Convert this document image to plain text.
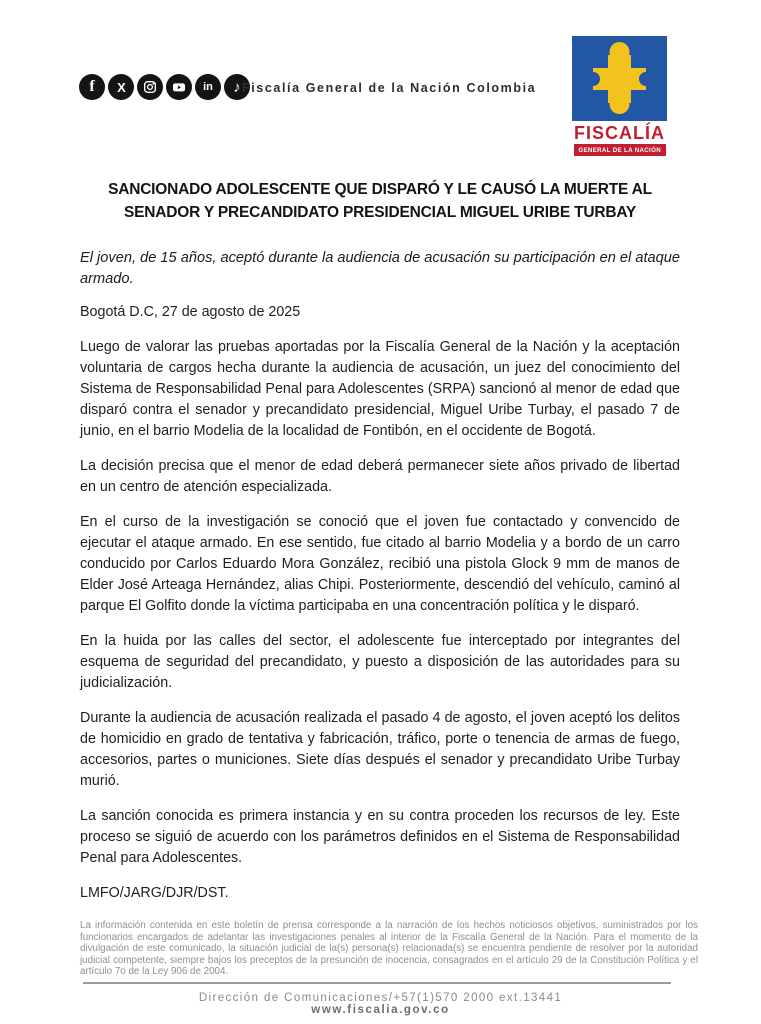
f X	in ♪ Fiscalía General de la Nación Colombia
FISCALÍA
GENERAL DE LA NACIÓN
SANCIONADO ADOLESCENTE QUE DISPARÓ Y LE CAUSÓ LA MUERTE AL SENADOR Y PRECANDIDATO PRESIDENCIAL MIGUEL URIBE TURBAY

El joven, de 15 años, aceptó durante la audiencia de acusación su participación en el ataque armado.

Bogotá D.C, 27 de agosto de 2025

Luego de valorar las pruebas aportadas por la Fiscalía General de la Nación y la aceptación voluntaria de cargos hecha durante la audiencia de acusación, un juez del conocimiento del Sistema de Responsabilidad Penal para Adolescentes (SRPA) sancionó al menor de edad que disparó contra el senador y precandidato presidencial, Miguel Uribe Turbay, el pasado 7 de junio, en el barrio Modelia de la localidad de Fontibón, en el occidente de Bogotá.

La decisión precisa que el menor de edad deberá permanecer siete años privado de libertad en un centro de atención especializada.

En el curso de la investigación se conoció que el joven fue contactado y convencido de ejecutar el ataque armado. En ese sentido, fue citado al barrio Modelia y a bordo de un carro conducido por Carlos Eduardo Mora González, recibió una pistola Glock 9 mm de manos de Elder José Arteaga Hernández, alias Chipi. Posteriormente, descendió del vehículo, caminó al parque El Golfito donde la víctima participaba en una concentración política y le disparó.

En la huida por las calles del sector, el adolescente fue interceptado por integrantes del esquema de seguridad del precandidato, y puesto a disposición de las autoridades para su judicialización.

Durante la audiencia de acusación realizada el pasado 4 de agosto, el joven aceptó los delitos de homicidio en grado de tentativa y fabricación, tráfico, porte o tenencia de armas de fuego, accesorios, partes o municiones. Siete días después el senador y precandidato Uribe Turbay murió.

La sanción conocida es primera instancia y en su contra proceden los recursos de ley. Este proceso se siguió de acuerdo con los parámetros definidos en el Sistema de Responsabilidad Penal para Adolescentes.

LMFO/JARG/DJR/DST.

La información contenida en este boletín de prensa corresponde a la narración de los hechos noticiosos objetivos, suministrados por los funcionarios encargados de adelantar las investigaciones penales al interior de la Fiscalía General de la Nación. Para el momento de la divulgación de este comunicado, la situación judicial de la(s) persona(s) relacionada(s) se encuentra pendiente de resolver por la autoridad judicial competente, siempre bajos los preceptos de la presunción de inocencia, consagrados en el artículo 29 de la Constitución Política y el artículo 7o de la Ley 906 de 2004.

Dirección de Comunicaciones/+57(1)570 2000 ext.13441
www.fiscalia.gov.co
